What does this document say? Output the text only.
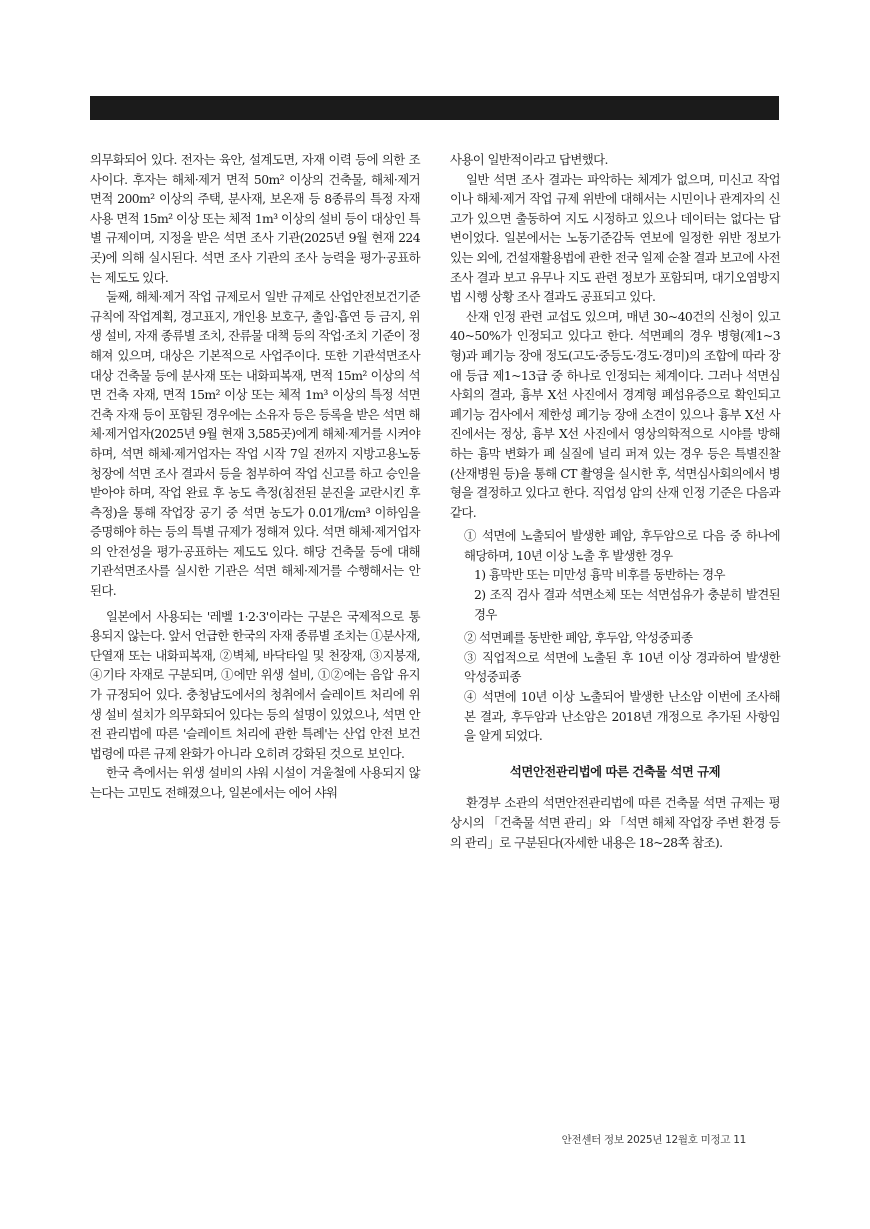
의무화되어 있다. 전자는 육안, 설계도면, 자재 이력 등에 의한 조사이다. 후자는 해체·제거 면적 50m² 이상의 건축물, 해체·제거 면적 200m² 이상의 주택, 분사재, 보온재 등 8종류의 특정 자재 사용 면적 15m² 이상 또는 체적 1m³ 이상의 설비 등이 대상인 특별 규제이며, 지정을 받은 석면 조사 기관(2025년 9월 현재 224곳)에 의해 실시된다. 석면 조사 기관의 조사 능력을 평가·공표하는 제도도 있다.

둘째, 해체·제거 작업 규제로서 일반 규제로 산업안전보건기준규칙에 작업계획, 경고표지, 개인용 보호구, 출입·흡연 등 금지, 위생 설비, 자재 종류별 조치, 잔류물 대책 등의 작업·조치 기준이 정해져 있으며, 대상은 기본적으로 사업주이다. 또한 기관석면조사 대상 건축물 등에 분사재 또는 내화피복재, 면적 15m² 이상의 석면 건축 자재, 면적 15m² 이상 또는 체적 1m³ 이상의 특정 석면 건축 자재 등이 포함된 경우에는 소유자 등은 등록을 받은 석면 해체·제거업자(2025년 9월 현재 3,585곳)에게 해체·제거를 시켜야 하며, 석면 해체·제거업자는 작업 시작 7일 전까지 지방고용노동청장에 석면 조사 결과서 등을 첨부하여 작업 신고를 하고 승인을 받아야 하며, 작업 완료 후 농도 측정(침전된 분진을 교란시킨 후 측정)을 통해 작업장 공기 중 석면 농도가 0.01개/cm³ 이하임을 증명해야 하는 등의 특별 규제가 정해져 있다. 석면 해체·제거업자의 안전성을 평가·공표하는 제도도 있다. 해당 건축물 등에 대해 기관석면조사를 실시한 기관은 석면 해체·제거를 수행해서는 안 된다.

일본에서 사용되는 '레벨 1·2·3'이라는 구분은 국제적으로 통용되지 않는다. 앞서 언급한 한국의 자재 종류별 조치는 ①분사재, 단열재 또는 내화피복재, ②벽체, 바닥타일 및 천장재, ③지붕재, ④기타 자재로 구분되며, ①에만 위생 설비, ①②에는 음압 유지가 규정되어 있다. 충청남도에서의 청취에서 슬레이트 처리에 위생 설비 설치가 의무화되어 있다는 등의 설명이 있었으나, 석면 안전 관리법에 따른 '슬레이트 처리에 관한 특례'는 산업 안전 보건 법령에 따른 규제 완화가 아니라 오히려 강화된 것으로 보인다.

한국 측에서는 위생 설비의 샤워 시설이 겨울철에 사용되지 않는다는 고민도 전해졌으나, 일본에서는 에어 샤워

사용이 일반적이라고 답변했다.

일반 석면 조사 결과는 파악하는 체계가 없으며, 미신고 작업이나 해체·제거 작업 규제 위반에 대해서는 시민이나 관계자의 신고가 있으면 출동하여 지도 시정하고 있으나 데이터는 없다는 답변이었다. 일본에서는 노동기준감독 연보에 일정한 위반 정보가 있는 외에, 건설재활용법에 관한 전국 일제 순찰 결과 보고에 사전 조사 결과 보고 유무나 지도 관련 정보가 포함되며, 대기오염방지법 시행 상황 조사 결과도 공표되고 있다.

산재 인정 관련 교섭도 있으며, 매년 30~40건의 신청이 있고 40~50%가 인정되고 있다고 한다. 석면폐의 경우 병형(제1~3형)과 폐기능 장애 정도(고도·중등도·경도·경미)의 조합에 따라 장애 등급 제1~13급 중 하나로 인정되는 체계이다. 그러나 석면심사회의 결과, 흉부 X선 사진에서 경계형 폐섬유증으로 확인되고 폐기능 검사에서 제한성 폐기능 장애 소견이 있으나 흉부 X선 사진에서는 정상, 흉부 X선 사진에서 영상의학적으로 시야를 방해하는 흉막 변화가 폐 실질에 널리 퍼져 있는 경우 등은 특별진찰(산재병원 등)을 통해 CT 촬영을 실시한 후, 석면심사회의에서 병형을 결정하고 있다고 한다. 직업성 암의 산재 인정 기준은 다음과 같다.

① 석면에 노출되어 발생한 폐암, 후두암으로 다음 중 하나에 해당하며, 10년 이상 노출 후 발생한 경우

1) 흉막반 또는 미만성 흉막 비후를 동반하는 경우

2) 조직 검사 결과 석면소체 또는 석면섬유가 충분히 발견된 경우

② 석면폐를 동반한 폐암, 후두암, 악성중피종

③ 직업적으로 석면에 노출된 후 10년 이상 경과하여 발생한 악성중피종

④ 석면에 10년 이상 노출되어 발생한 난소암 이번에 조사해 본 결과, 후두암과 난소암은 2018년 개정으로 추가된 사항임을 알게 되었다.

석면안전관리법에 따른 건축물 석면 규제

환경부 소관의 석면안전관리법에 따른 건축물 석면 규제는 평상시의 「건축물 석면 관리」와 「석면 해체 작업장 주변 환경 등의 관리」로 구분된다(자세한 내용은 18~28쪽 참조).

안전센터 정보 2025년 12월호 미정고 11
